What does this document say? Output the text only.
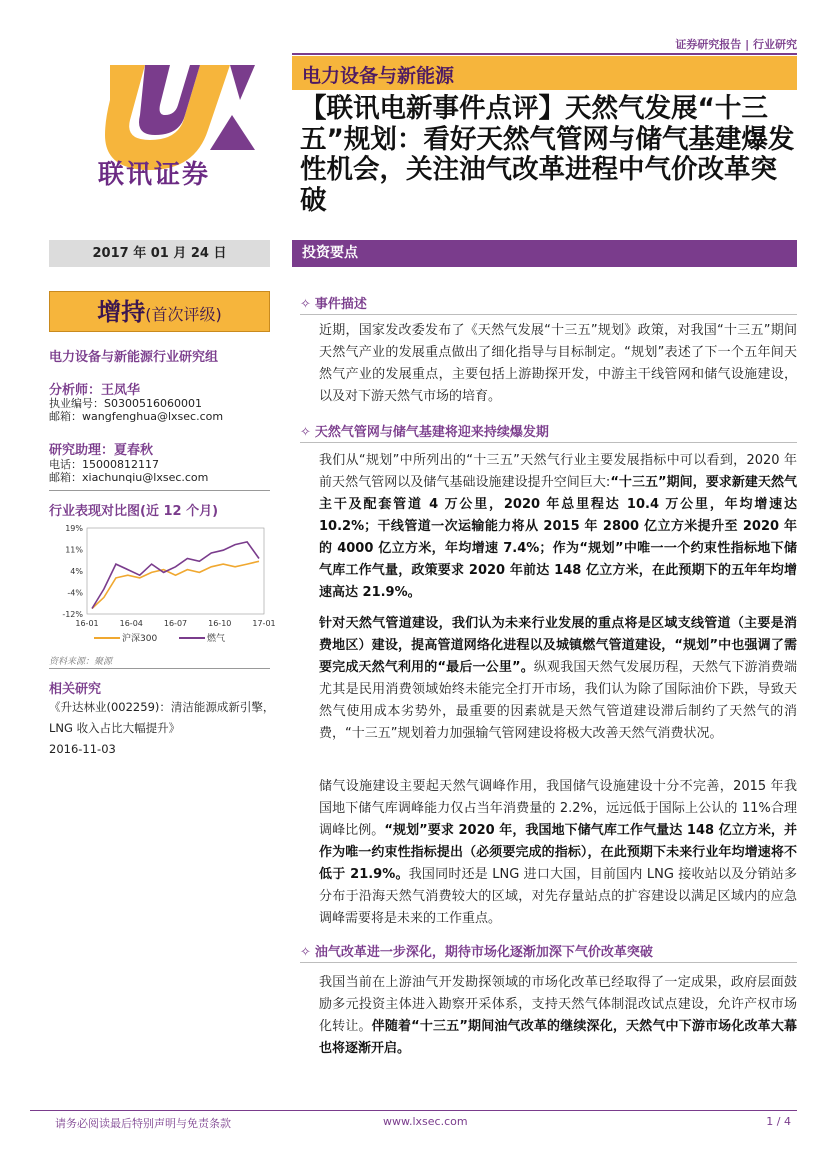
证券研究报告 | 行业研究
电力设备与新能源
联讯证券
【联讯电新事件点评】天然气发展“十三五”规划：看好天然气管网与储气基建爆发性机会，关注油气改革进程中气价改革突破
2017 年 01 月 24 日	投资要点
增持(首次评级)
电力设备与新能源行业研究组
分析师：王凤华
执业编号：S0300516060001
邮箱：wangfenghua@lxsec.com
研究助理：夏春秋
电话：15000812117
邮箱：xiachunqiu@lxsec.com
行业表现对比图(近 12 个月)
19%
11%
4%
-4%
-12%
16-01	16-04	16-07	16-10	17-01
沪深300	燃气
资料来源：聚源
相关研究
《升达林业(002259)：清洁能源成新引擎，
LNG 收入占比大幅提升》
2016-11-03
✧ 事件描述
近期，国家发改委发布了《天然气发展“十三五”规划》政策，对我国“十三五”期间天然气产业的发展重点做出了细化指导与目标制定。“规划”表述了下一个五年间天然气产业的发展重点，主要包括上游勘探开发，中游主干线管网和储气设施建设，以及对下游天然气市场的培育。
✧ 天然气管网与储气基建将迎来持续爆发期
我们从“规划”中所列出的“十三五”天然气行业主要发展指标中可以看到，2020 年前天然气管网以及储气基础设施建设提升空间巨大:“十三五”期间，要求新建天然气主干及配套管道 4 万公里，2020 年总里程达 10.4 万公里，年均增速达 10.2%；干线管道一次运输能力将从 2015 年 2800 亿立方米提升至 2020 年的 4000 亿立方米，年均增速 7.4%；作为“规划”中唯一一个约束性指标地下储气库工作气量，政策要求 2020 年前达 148 亿立方米，在此预期下的五年年均增速高达 21.9%。
针对天然气管道建设，我们认为未来行业发展的重点将是区域支线管道（主要是消费地区）建设，提高管道网络化进程以及城镇燃气管道建设，“规划”中也强调了需要完成天然气利用的“最后一公里”。纵观我国天然气发展历程，天然气下游消费端尤其是民用消费领域始终未能完全打开市场，我们认为除了国际油价下跌，导致天然气使用成本劣势外，最重要的因素就是天然气管道建设滞后制约了天然气的消费，“十三五”规划着力加强输气管网建设将极大改善天然气消费状况。
储气设施建设主要起天然气调峰作用，我国储气设施建设十分不完善，2015 年我国地下储气库调峰能力仅占当年消费量的 2.2%，远远低于国际上公认的 11%合理调峰比例。“规划”要求 2020 年，我国地下储气库工作气量达 148 亿立方米，并作为唯一约束性指标提出（必须要完成的指标），在此预期下未来行业年均增速将不低于 21.9%。我国同时还是 LNG 进口大国，目前国内 LNG 接收站以及分销站多分布于沿海天然气消费较大的区域，对先存量站点的扩容建设以满足区域内的应急调峰需要将是未来的工作重点。
✧ 油气改革进一步深化，期待市场化逐渐加深下气价改革突破
我国当前在上游油气开发勘探领域的市场化改革已经取得了一定成果，政府层面鼓励多元投资主体进入勘察开采体系，支持天然气体制混改试点建设，允许产权市场化转让。伴随着“十三五”期间油气改革的继续深化，天然气中下游市场化改革大幕也将逐渐开启。
请务必阅读最后特别声明与免责条款	www.lxsec.com	1 / 4
